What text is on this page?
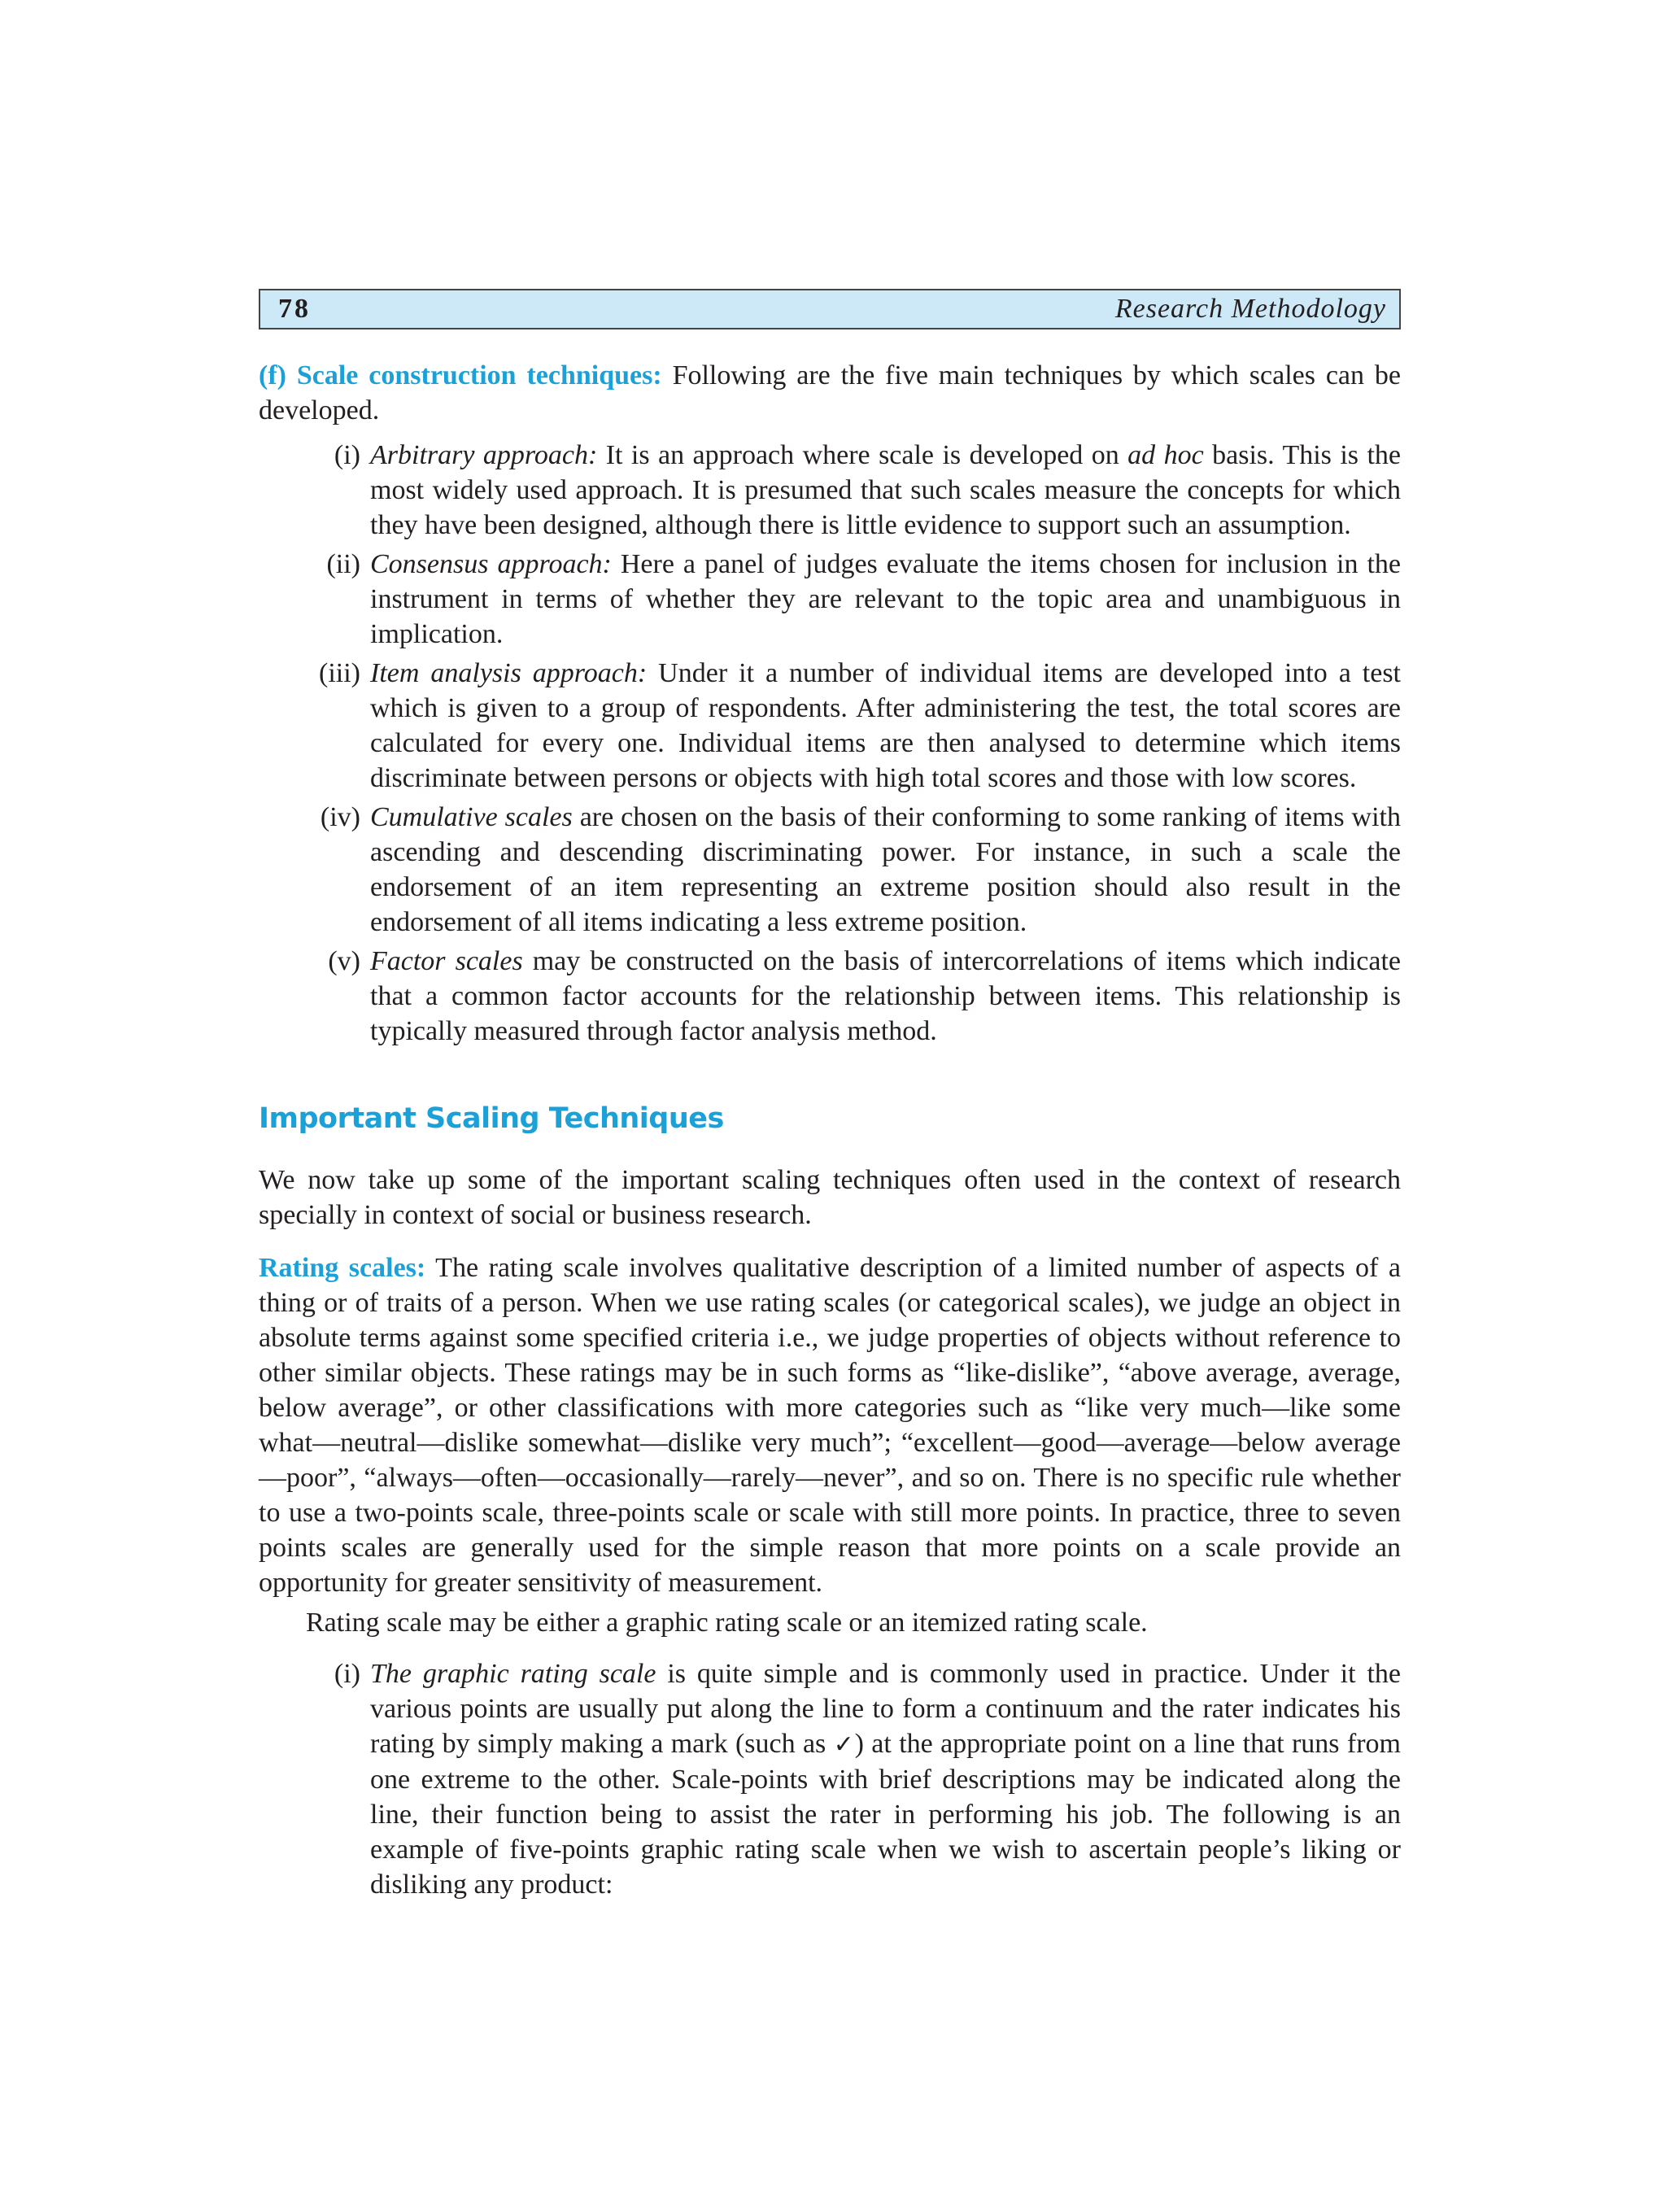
78	Research Methodology

(f) Scale construction techniques: Following are the five main techniques by which scales can be developed.

(i) Arbitrary approach: It is an approach where scale is developed on ad hoc basis. This is the most widely used approach. It is presumed that such scales measure the concepts for which they have been designed, although there is little evidence to support such an assumption.
(ii) Consensus approach: Here a panel of judges evaluate the items chosen for inclusion in the instrument in terms of whether they are relevant to the topic area and unambiguous in implication.
(iii) Item analysis approach: Under it a number of individual items are developed into a test which is given to a group of respondents. After administering the test, the total scores are calculated for every one. Individual items are then analysed to determine which items discriminate between persons or objects with high total scores and those with low scores.
(iv) Cumulative scales are chosen on the basis of their conforming to some ranking of items with ascending and descending discriminating power. For instance, in such a scale the endorsement of an item representing an extreme position should also result in the endorsement of all items indicating a less extreme position.
(v) Factor scales may be constructed on the basis of intercorrelations of items which indicate that a common factor accounts for the relationship between items. This relationship is typically measured through factor analysis method.
Important Scaling Techniques

We now take up some of the important scaling techniques often used in the context of research specially in context of social or business research.

Rating scales: The rating scale involves qualitative description of a limited number of aspects of a thing or of traits of a person. When we use rating scales (or categorical scales), we judge an object in absolute terms against some specified criteria i.e., we judge properties of objects without reference to other similar objects. These ratings may be in such forms as “like-dislike”, “above average, average, below average”, or other classifications with more categories such as “like very much—like some what—neutral—dislike somewhat—dislike very much”; “excellent—good—average—below average—poor”, “always—often—occasionally—rarely—never”, and so on. There is no specific rule whether to use a two-points scale, three-points scale or scale with still more points. In practice, three to seven points scales are generally used for the simple reason that more points on a scale provide an opportunity for greater sensitivity of measurement.

Rating scale may be either a graphic rating scale or an itemized rating scale.

(i) The graphic rating scale is quite simple and is commonly used in practice. Under it the various points are usually put along the line to form a continuum and the rater indicates his rating by simply making a mark (such as ✓) at the appropriate point on a line that runs from one extreme to the other. Scale-points with brief descriptions may be indicated along the line, their function being to assist the rater in performing his job. The following is an example of five-points graphic rating scale when we wish to ascertain people’s liking or disliking any product:
